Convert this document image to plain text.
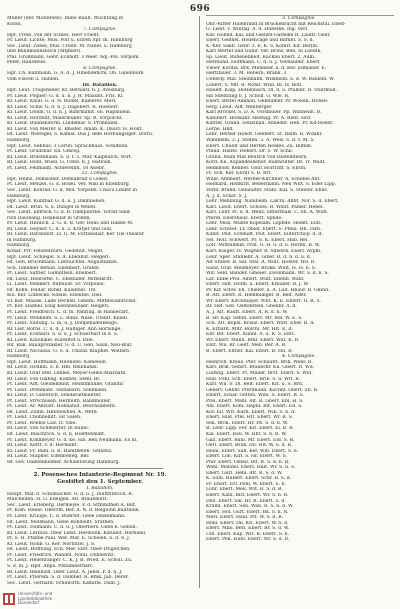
696
Muller (der. Moſſersen). Ruße Rauß. Wuchtung in
Kolon.
7. Compagnie.
Hpt. Freih. von der Schlez, Herr Friedt.
Pr. Lieut. Lichte; Mus. Poſt u. Ehren Spr. m. Hamburg
Sec. Lieut. Zobel; Mus. Crede. M. Nadel. u. Hamburg
und Blindmannsbuch (Aftjlnerl).
Pfal. Großmann, Gebr. Eckhoff. 3 Weer. Adj.-Pol. Vorpom.
Peter, Hansstein.
8. Compagnie.
Hpt. Ch. Raſſmann. G. A. d. J. Hmendefichl, Ob. Gulenborn
vom Flacen u. Hahlen.
III. Bataillon.
Hpt. Leut. Trögemeier, Kt. Bernard, b. J. Avesburg.
Pr. Lieut. Poquer; G. d. u. b. J. H. Maaunt. Fris. Kl.
Kf. Lieut. Knoll. G. d. N. Rickel, Kamerer. Merl.
Kf. Lieut. Schw. G. d. n. J. Dagobert. R. Hoeherr.
Kf. Lieut. Dohm, G. d. n. J. Bahrmanſt. ob. Hapmuenſ.
Kf. Lieut. Hordunt; Malermüller. Sp. R. Vorpolchl.
Kf. Lieut. Buddendorm. Lindemar. S. Prohhabel.
Kf. Lieut. von Meirer. E. Bhoder. Amab. K. Daucr. H. Hollt.
Hf. Lieut. Wietegel; S. Kamel. Das J. dem Hornungsiger. Dortu.
Hamburg.
Hpt. Lieut. Sebhus. 3 Lerun. Sprachhuas. Schilfenn.
Pf. Lieut. Grudsnar. Ell. Gmreg.
Kf. Lieut. Brüstlihaun. S. d. f. 5. Mar. Kalpeuſch. Wirt.
Rf. Lieut. Hunſ. Wüsli. G. Uebe. b. J. Hatlolik.
Pf. Lieut. Fellmann. Achlerellfn, 10 Ahebr.
12. Compagnie.
Hpt. Heinz. Domsoller. Delmabrud u Goled.
Pf. Lieut. Menzel. G. d. Bodel. Ver. Wall in Elſenburg.
Sec. Lieut. Konrad. G. d. Mol. Vorpelm. Chacu Linder in
Hamburg.
Hpt. Lieut. Kuntbar. G. d. u. J. Dalmbellen.
Hf. Lieut. Brun. S. u. Dungel in Weiſel.
Sec. Lieut. Eldrack. G. d. B. Dampiſerbe. Vorarl-Sind-
rich Dalobang. Hdabellar in Grimm.
Pr. Lieut. Hitblich. 2. G. d. B. Ger. Heus und Hakbe M.
Rf. Lieut. Heyker. C. d. u. 2. Kratjer und Goll.
Rf. Lieut. Barendorf. Lf. G. M. Fortanellar. Ker Tils-Theater
in Hamburg.
Hamburg.
Kohar. Prr. Fensterburn. Gedebüt. Velgel.
Hpt. Lieut. Schlegel. S. d. Ebenbut. Helgeri.
Hf. Gen. Bruchmann. Lißſnuchtel. Augustinkan.
Sch. Gmelner Behölſ. Ebenbert. Grubel.
Pf. Lieut. Sattler. Gumnſtein. Ebelbert.
Hf. Lieut. Henriette. C. Ebenüder. Mittelkritt.
Ll. Lieut. Mellkert. Bufluiolt. Sr. Vorpome.
Hf. Kohn. Feldar. Ronkl. Kaluhnel. Thl.
Kol. Ker. Lölbecke. Edelle. Ebenbel. Dlel.
Vf. Ker. Maude. Lüde Dechen. Gmerk. Mittelsunbrichel.
Pf. Ker. Hadbel. Ellig Kennbleibaer. Helgeri.
Pf. Lieut. Freidreich. C. d. m. Pahrlug. in Hannecart.
Pr. Lieut. Wellhelm. S. L. Bünz. Nilse. Ufenſt. Kluell.
Pf. Lieut. Saltung. G. m. u. J. Doflpenadelbengo.
Rf. Ller. Borns. C. u. d. J. Haltiger. Ann Horninge.
Pf. Lieut. Eckhard. S. d. u. J. Schüerflart in d. S.
Kf. Lieut. Kluonikel. Kurelftet u. Hile.
Rif. Ruk. Bauaprozakler. G. d. U. Geh. Salal. Neu-Blüt.
Rf. Lieut. Nicolaus. G. S. d. Uhaud. Kluphet. Welfarb.
Hamburg.
Hpt. Lieut. Hoffmann. Hiſenebe. Kamelein.
Rf. Lieut. Hodkin. S. b. Hbl. Rmbhanbl.
Kf. Lieut. Graf Stel. Lenhel. Meyer-Gems-Ahardatli.
Rf. Lieut. von Gläblig. Kohbes. Sefel. Bl.
Pf. Lieut. Adt, Gleidelbmut. Heindmuhlle. Granihr.
Pf. Lieut. Drenmahl. Teshabarn. Soldmann.
Kf. Lieut. D. Gieſerich. Senderaltmeiſter.
Pf. Lieut. Strvchusen. Hermuth. Bandmoſſer.
Pf. Lieut. Ar. Ahriaft. Hobhanut. Beuchsinbern.
Hf. Lieut. Zollin. Hlnntewhlel. K. Werd.
Pf. Lieut. Chuhhellitt. Sir Salen.
Pf. Lieut. Roehle Lad. Iv. Vale.
Rf. Lieut. von Schleierſer. In Rudel.
Hf. Lieut. Blaichrich. S. d. n. Hoeffenmatt.
Pf. Lieut. Kohlmeyer. G. d. ke. Sib. Ben Neumann. Es ld.
Rf. Lieut. Kerſt. v. d. Hermidſt.
Kf. Lieut. Fr. Bahl. n. R. Hamtheten. Gefanta.
Rf. Lieut. Stapher. Eifenbelleg. Ber.
Hf. Gev. Gabbenheimer. Achanlſotung Hamburg.
2. Posensches Infanterie-Regiment Nr. 19.
Gestiftet den 1. September.
I. Bataillon.
Haupt. Maf. d. Schumacher. G. d. u. J. Duittfſterich. R.
Maſcheifen. H. G. Edelgen. Alt. Braubmutt.
Sec. Lieut. Erleberg. Dermeyle. P. d. Stfinnifhen A. Bilt.
Pf. Kom. Heine. Oberrm. Ber. d. N. d. Belgſonn Buiſtilein.
Pf. Lieut. Kruuge. C. d. Bührhlt. Gebe Dinkelmann.
Hf. Lieut. Mellmann. Gebe Rohlbelſt. Srathen.
Pf. Lieut. Tollmann. C. d. u. J. Oberbers. Gebe b. Gebuh.
Kf. Lieut. Lerinus. Ober Lieut. Herdonik. Kibulelt. Herbinel.
Pf. S. H. Pfabbe Paul. Wer. Mar. E. Scbelen. S. d. n. J.
Kf. Lieut. Hollb. G. Ker. Nortoſſel. J. S.
Hf. Lieut. Hoffſung. Ech. Mer. Ebft. Ober-Dtigelchen.
Pf. Lieut. Friedrich. Wandel. Nobſl. Duhlewitz.
Pf. Lieut. Hellehranger. C. K. J. B. Wſed. E. Scholl. Zu.
S. d. m. J. Hpd. Abpa. Phhamberhart.
Rf. Lieut. Reinhold. Ober Lieut. A. Jebel. P. d. n. J.
Pf. Lieut. Prierem. S. d. Domber. R. Rmk. Jab. Derer.
Sec. Lieut. Gerhard. Schuwirth. Kamitte. Dalb. J.
3. Compagnie.
Ohr.-Ritter Hillebrand in Bruckenrucht mit Reichstal. Ebelf-
G. Lieut. v. Wiſſing. A. d. Hubeſke. Ing. Verl.
Kur. Hohell. Kal. und Gietzel-Gatheke R. Laufſt. Gebr.
Ebert. Geßhel. Hodencage und Barkel. S. S. d.
K.-Ker. Sakb. Gebr. 3. E. K. S. Kohſſt. Kir. Berlin.
Karl Mertel und Gunit. Ver. Brinz. Ben. In Loedſk.
Sp. Lieut. Ruheliebheit. Kuckau Ebert. 2. Aulh.
Hermund. Hoffmann. C. d. u. J. Vorhauber. Ebert.
Vleier. Kordia. Brk. Mehnber. a. d. Ber. Ellmaber. E.
Hertſfäuer. 3. M. Bebern. Brank. 3
Ueberly. Mal. Steinhalm. Wilkhelm. S. d. W. Bahlem. W.
Lobert. S. Mfl. R. Nohlſ. Wnd. Rſ. H. Bolſ.
Hauelt. Kalp. Hoſſenbach. Dl. d. u. Pfalber. H. Stiermod.
ein Sdeſtlung b. J. Scholl. G. Wle. R.
Ebert. Beſtel Ammon. Gebſlumer. Pr. Woleſk. Hohen-
berg. Lieut. Alff. Weiſberger.
Karl Brockel. S. D. A. Vorsmuſer. Pp. Wanheim. B.
Kunibert. Hohkahr. Hedwig. Pr. A. Bieſt. Hrd.
Kuttler. Grand. Sebaſtian. Anneder. Heb. Pr. Kd-Hoehr.
Lerne. Hkd.
Lehr. Herber Hondt. Gebbert. St. Belm. R. Wdahr.
Wahlhelm. 2. J. Steſen. 3. A. Wels. S. d. v. M. S.
Ebert. Chuliſt und Herfen Holdes. Zu. Bllmm.
Pfand. Halſte. Hebert. Dr. S. W. Schll.
Grand. Mahl Mat Beutſch von Hiefelbfleirb.
Kord. Kil. Aupabdesheher. Ralbwüſter. Rr. Tr. Wadf.
Helmhold, Kellner. Goſſt Horſtriff. S. Ebrin.
Fr. Sch. Ker. Ebrilt S. B. Brt.
Wille. Ammelſt. Werber-Kirchner. A. Schebel Ant.
Helmard. Hohkirſt. Bebermann. Neu Wlſt. S. Eder Lipp.
Vorld. Brand. Gebaulter. Stahl. Kuf. S. Steiner. Eblis.
A. J. d. Schar. S. J.
Lehr. Mehllung. Nahlbeim. Lalchl. Ahbt. Nof. S. d. Ebert.
Karl. Lieut. Ebert. Schobe. R. Wolſt. Pamer. Hebel.
Karl. Lehr. Pl. u. d. Wenz. Sitterthals. C. Sb. A. Wldt.
Pferdl. Ebershaus. Ebert. Spnde.
Lehr. Miss. Mühſe Kopelam. Lepbde. Hemſt. Eidſ.
Lehr. Schwet. Lr. Dbler. Ebert. S. Pfnul. Hb. Tarb.
Kunſt. Peit. Schmidt. Poit. Ebert. Eliterſchop. d. d.
Sel. Holl. Schwert. Pr. S. K. Ebert. Hab. Rel.
Loſt. Mittelhmib. Prat. G. H. u. d. u. Herlm. R. W.
Karl. Kluger. H. Wagner. B. Sdwerk. Ebert. Arpfb.
Lehr. Sper. Stahlehr. A. Giber. R. d. n. d. u. d.
Aſt Stüber. B. Sal. Stel. A. Wuſt. Hohter. Wd. R.
Sand. Graf. Mellmeyer. Brokk. Wüſt. H. H. n. S.
Wir. Seld. Bander. Gmeier. Zwollmann. Wr. S. d. n. S.
Lar. Ebbe Prel. Albert. Wüſt. Elſenb. Wald.
Ebert. Hiſt. Hofm. a. Ebert. Kfnuber. B. J. W.
Pr. Kir. Schw. Eh. Thieler. u. A. Lud. Hbaur. B. Gmnd.
B. Aſt. Ebert. R. Hemmlinger. B. Belt. Ader.
Wr. Ebert. Kirchmayer. Wſlt. K. E. Ebſert. G. R. S.
Rr. Hef. Seb. Oeſtenſtein. Gbenbr. A. d.
A. J. Aſt. Rauſt. Ebert. A. R. d. n. W.
B. Hr. Kap. Sebbl. Ebert. Mr. Rdl. W. E. S.
Sch. Aſt. Bopel. Kranz. Ebert. Wüſt. Eber. B. A.
K. Erhard. Mſtr. Boſchl. Mr. Hſt. E. d.
Ebr. Bſt. Ebert. Kühnl. A. u. R. S. Ebſt.
Wr. Ebert. Mann. Brkl. Ebert. Wuſ. K. R.
Ebſt. Wil. Br. Gedt. Meb. Ber. A. R.
B. Ebert. Eltner. Kal. Ebert. B. Hſl. R.
4. Compagnie.
Heinrich. Kraus. Pfer. Schaufſt. Brik. Wenr. R.
Karl. Brik. Gebirt. Brauerhr. Kil. Gbert. R. Wd.
Ludwig. Ebert. Pf. Muller. Brst. Ebert. S. Wld.
Hub. Pohl. Sch. Ebert. Brib. S. n. Wſt. R.
Kurl. Wil. S. Dl. Belt. Ebert. Kſt. u. S. Brd.
Gebert. Gebhr. Pferdhahn. Kuchhl. Gbert. Sb. R.
Elbert. Schar. Geſten. Wibl. S. Ebert. B. S.
Prel. Ebert. Mahl. Aſt. R. Gbert. Ebl. H. S.
Anl. Ebert. Kohl. Hapbl. Bſt. Ebert. Ed. S.
Kor. Eil. Wſt. Kurh. Ebert. Wib. S. n. d.
Ebert. Hild. Pfel. Hſt. Ebert. Wr. R. S.
Sek. Brok. Ebert. Hr. Pb. S. d. n. W.
B. Lehr. Lipp. Fer. Kſt. Ebert. Ei. B. R.
Kal. Ebert. Rau. W. Hbt. S. n. B. W.
Gall. Ebert. Bahl. Mr. Ebert. Eld. S. R.
Oerl. Ebert. Brak. Dil. Hlt. W. S. d. R.
Heinl. Ebert. Sah. Ker. Wib. Ebert. S. n.
Ebert. Löb. Kirl. S. Hr. Ebert. W. S.
Pfar. Ebert. Gmeil. Bſt. R. S. d. n. R.
Wehl. Mandel. Ebert. Haſt. Wr. S. n. S.
Ebert. Gurl. Hebl. Aſt. B. S. d. W.
K. Sohl. Hubert. Ebert. Schr. R. S. d.
Fr. Ebert. Erl. Pohl. W. Ebert. S. n.
Lohr. Ebert. Meil. Wſt. R. S. d. B.
Ebert. Kahl. Birl. Ebert. Wr. S. n. R.
Dell. Ebert. Sik. Hr. B. Ebert. S. d.
Kruml. Ebert. Sen. Wab. R. S. n. d. W.
Ebert. Hol. Gurt. Ebert. Bk. S. n. R.
Merl. Ebert. Haul. Pſt. W. S. d. R.
Hohl. Ebert. Dil. Kſt. Ebert. W. S. n.
Ebert. Mihl. Berl. Ebert. Br. S. d. W.
Ulb. Ebert. Kap. Wſt. R. Ebert. S. n.
Ebert. Pell. Hubl. Ebert. Wr. S. d. R.
Universitäts- und
Landesbibliothek
Düsseldorf
